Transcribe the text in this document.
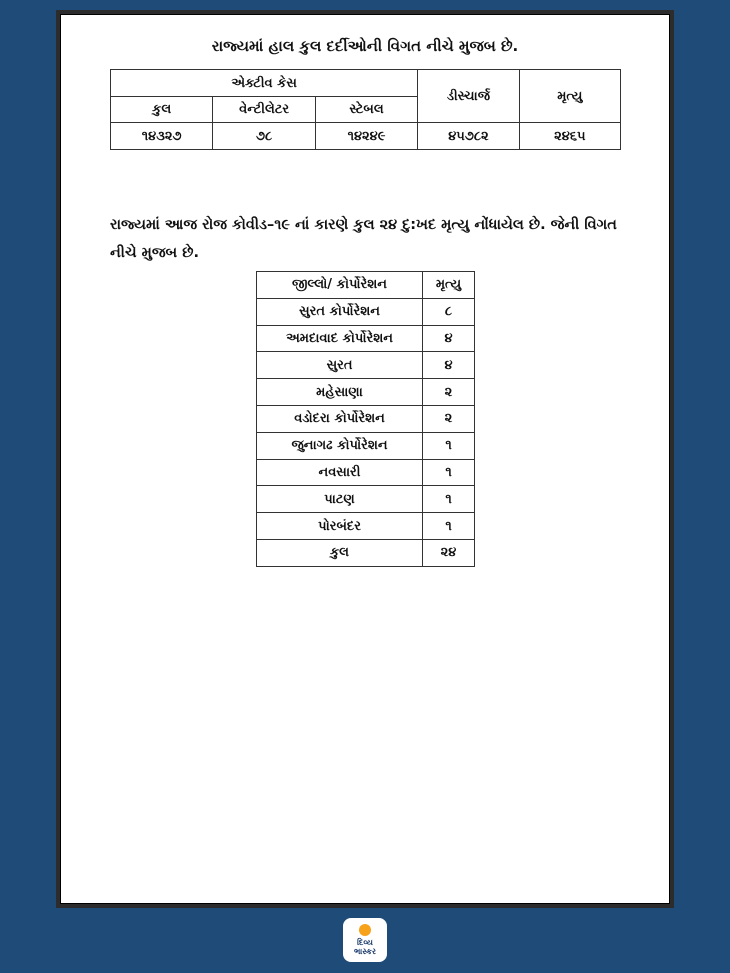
રાજ્યમાં હાલ કુલ દર્દીઓની વિગત નીચે મુજબ છે.
એક્ટીવ કેસ			ડીસ્ચાર્જ	મૃત્યુ
કુલ	વેન્ટીલેટર	સ્ટેબલ		
૧૪૩૨૭	૭૮	૧૪૨૪૯	૪૫૭૮૨	૨૪૬૫
રાજ્યમાં આજ રોજ કોવીડ–૧૯ નાં કારણે કુલ ૨૪ દુ:ખદ મૃત્યુ નોંધાયેલ છે. જેની વિગત નીચે મુજબ છે.
જીલ્લો/ કોર્પોરેશન	મૃત્યુ
સુરત કોર્પોરેશન	૮
અમદાવાદ કોર્પોરેશન	૪
સુરત	૪
મહેસાણા	૨
વડોદરા કોર્પોરેશન	૨
જુનાગઢ કોર્પોરેશન	૧
નવસારી	૧
પાટણ	૧
પોરબંદર	૧
કુલ	૨૪
દિવ્ય
ભાસ્કર
